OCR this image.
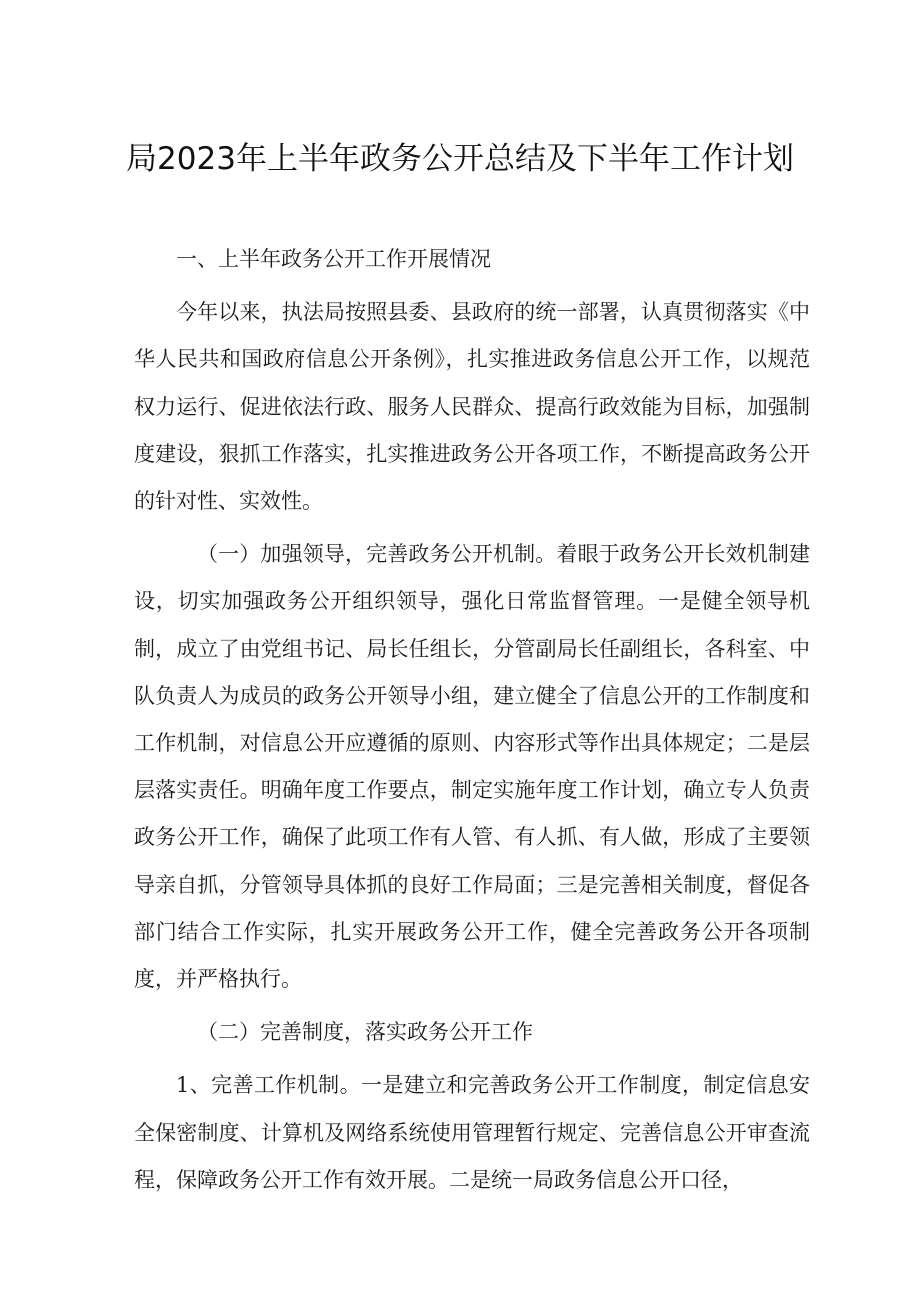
局2023年上半年政务公开总结及下半年工作计划

一、上半年政务公开工作开展情况

今年以来，执法局按照县委、县政府的统一部署，认真贯彻落实《中华人民共和国政府信息公开条例》，扎实推进政务信息公开工作，以规范权力运行、促进依法行政、服务人民群众、提高行政效能为目标，加强制度建设，狠抓工作落实，扎实推进政务公开各项工作，不断提高政务公开的针对性、实效性。

（一）加强领导，完善政务公开机制。着眼于政务公开长效机制建设，切实加强政务公开组织领导，强化日常监督管理。一是健全领导机制，成立了由党组书记、局长任组长，分管副局长任副组长，各科室、中队负责人为成员的政务公开领导小组，建立健全了信息公开的工作制度和工作机制，对信息公开应遵循的原则、内容形式等作出具体规定；二是层层落实责任。明确年度工作要点，制定实施年度工作计划，确立专人负责政务公开工作，确保了此项工作有人管、有人抓、有人做，形成了主要领导亲自抓，分管领导具体抓的良好工作局面；三是完善相关制度，督促各部门结合工作实际，扎实开展政务公开工作，健全完善政务公开各项制度，并严格执行。

（二）完善制度，落实政务公开工作

1、完善工作机制。一是建立和完善政务公开工作制度，制定信息安全保密制度、计算机及网络系统使用管理暂行规定、完善信息公开审查流程，保障政务公开工作有效开展。二是统一局政务信息公开口径，
